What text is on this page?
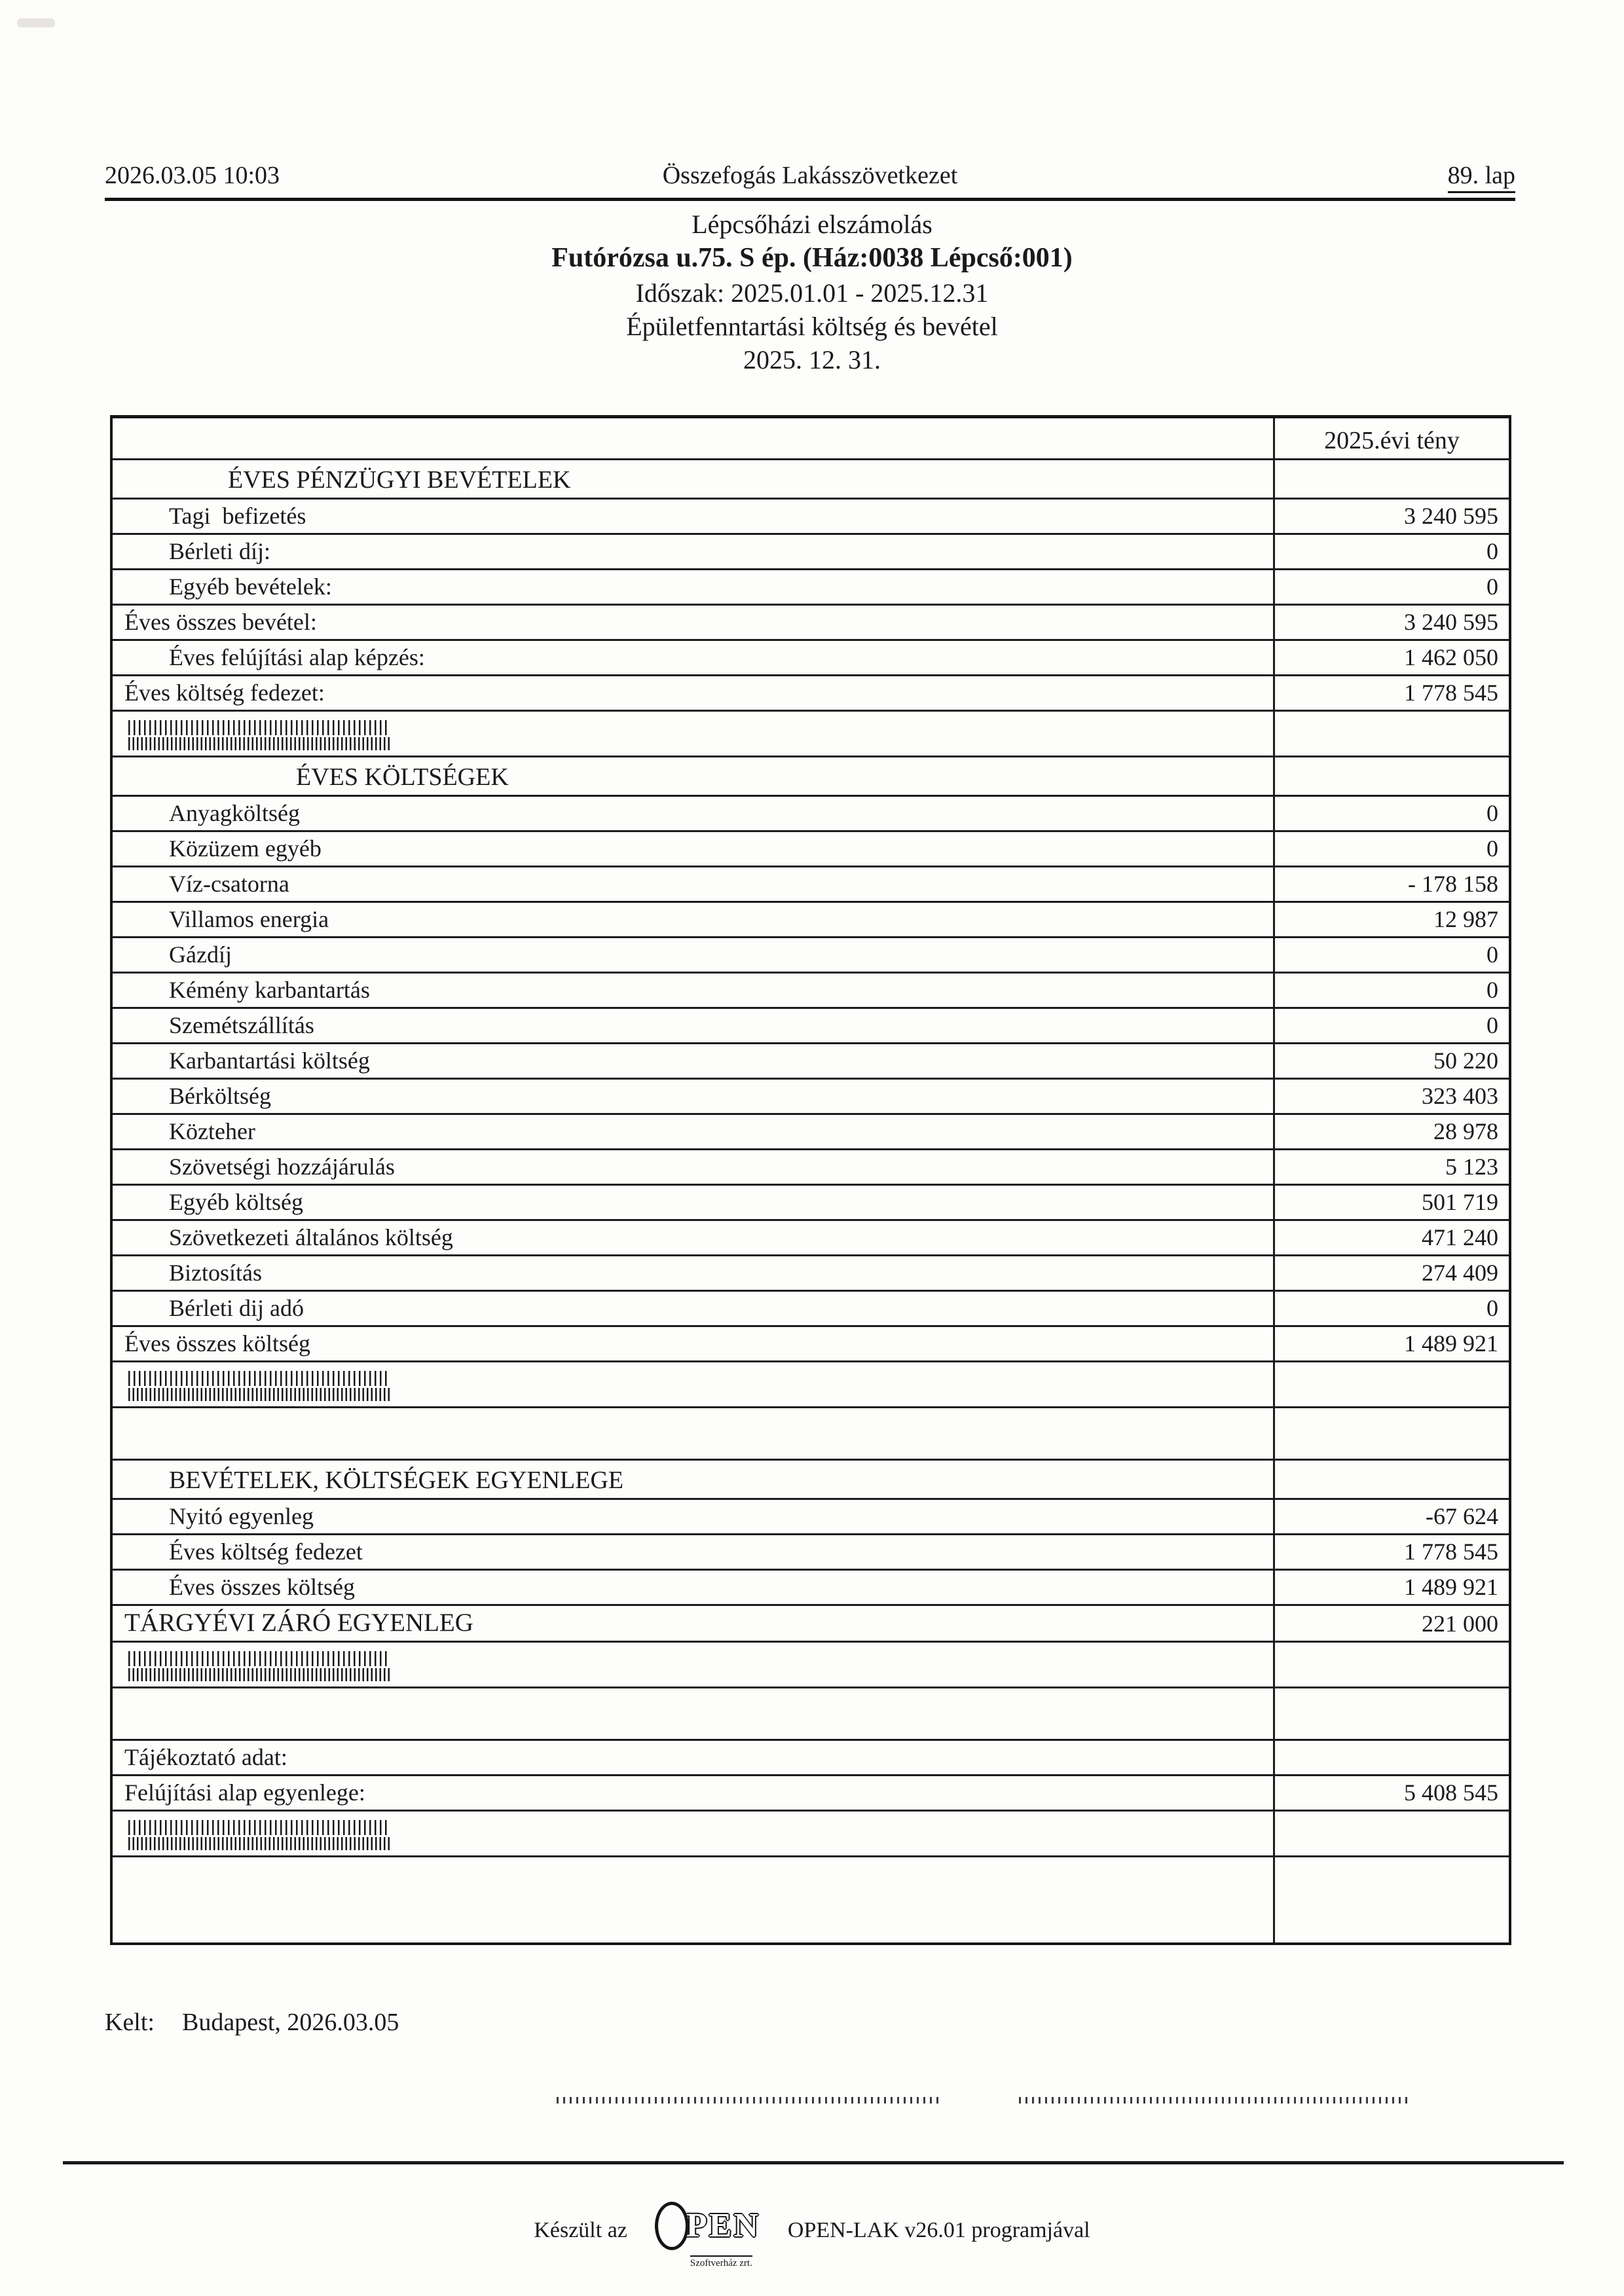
2026.03.05 10:03	Összefogás Lakásszövetkezet	89. lap
Lépcsőházi elszámolás
Futórózsa u.75. S ép. (Ház:0038 Lépcső:001)
Időszak: 2025.01.01 - 2025.12.31
Épületfenntartási költség és bevétel
2025. 12. 31.
2025.évi tény
ÉVES PÉNZÜGYI BEVÉTELEK
Tagi  befizetés	3 240 595
Bérleti díj:	0
Egyéb bevételek:	0
Éves összes bevétel:	3 240 595
Éves felújítási alap képzés:	1 462 050
Éves költség fedezet:	1 778 545
ÉVES KÖLTSÉGEK
Anyagköltség	0
Közüzem egyéb	0
Víz-csatorna	- 178 158
Villamos energia	12 987
Gázdíj	0
Kémény karbantartás	0
Szemétszállítás	0
Karbantartási költség	50 220
Bérköltség	323 403
Közteher	28 978
Szövetségi hozzájárulás	5 123
Egyéb költség	501 719
Szövetkezeti általános költség	471 240
Biztosítás	274 409
Bérleti dij adó	0
Éves összes költség	1 489 921
BEVÉTELEK, KÖLTSÉGEK EGYENLEGE
Nyitó egyenleg	-67 624
Éves költség fedezet	1 778 545
Éves összes költség	1 489 921
TÁRGYÉVI ZÁRÓ EGYENLEG	221 000
Tájékoztató adat:
Felújítási alap egyenlege:	5 408 545
Kelt: Budapest, 2026.03.05
Készült az PEN
Szoftverház zrt.
OPEN-LAK v26.01 programjával
